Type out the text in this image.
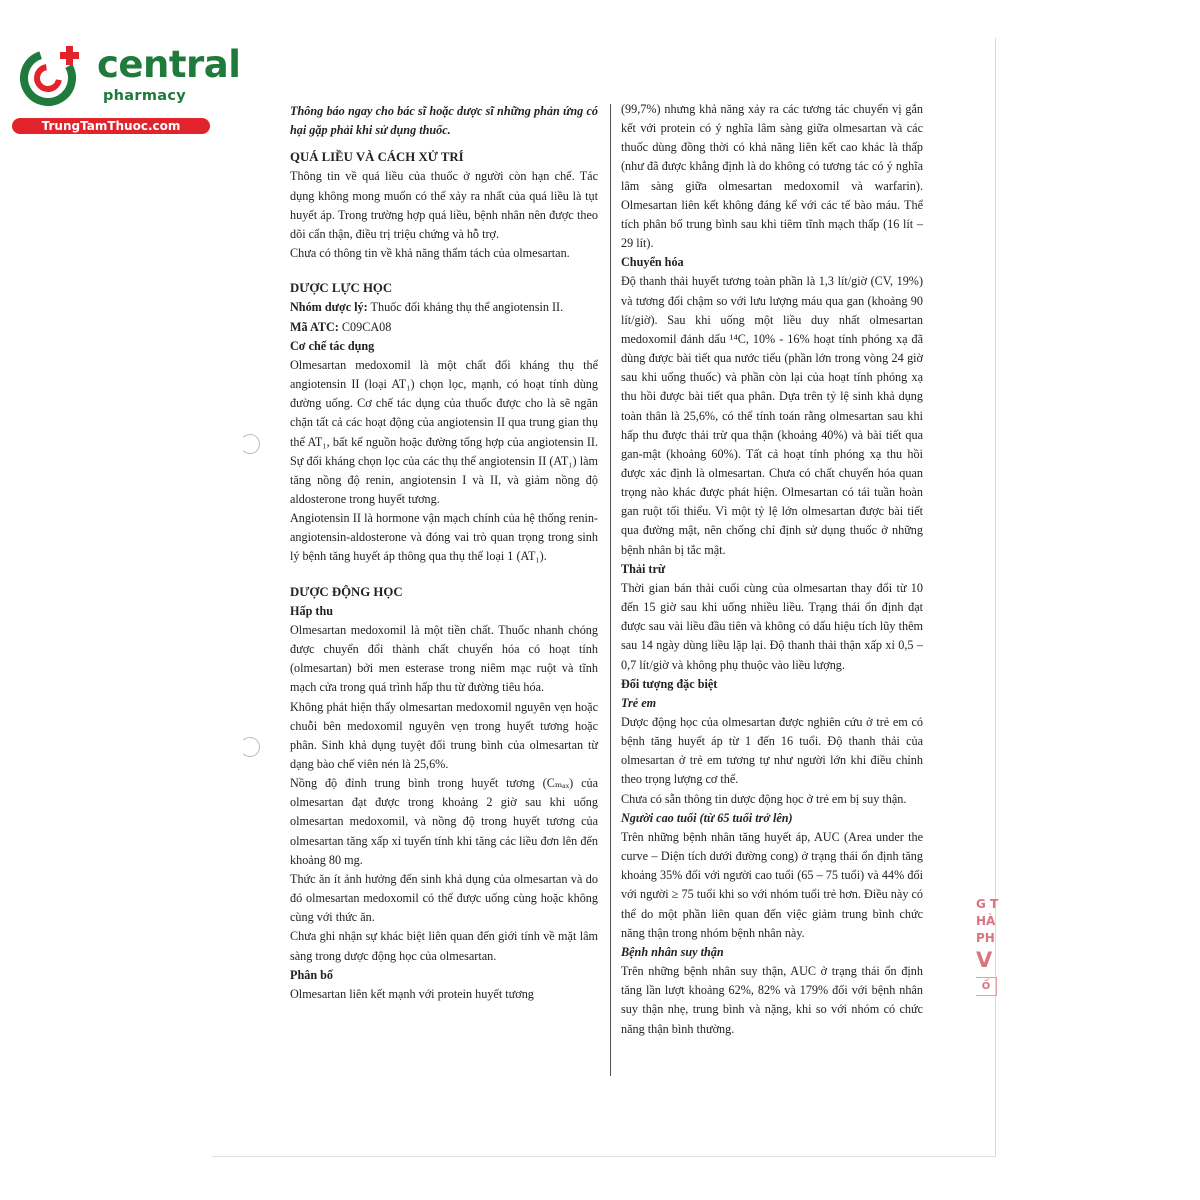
central
pharmacy
TrungTamThuoc.com

Thông báo ngay cho bác sĩ hoặc dược sĩ những phản ứng có hại gặp phải khi sử dụng thuốc.

QUÁ LIỀU VÀ CÁCH XỬ TRÍ

Thông tin về quá liều của thuốc ở người còn hạn chế. Tác dụng không mong muốn có thể xảy ra nhất của quá liều là tụt huyết áp. Trong trường hợp quá liều, bệnh nhân nên được theo dõi cẩn thận, điều trị triệu chứng và hỗ trợ.

Chưa có thông tin về khả năng thẩm tách của olmesartan.

DƯỢC LỰC HỌC

Nhóm dược lý: Thuốc đối kháng thụ thể angiotensin II.

Mã ATC: C09CA08

Cơ chế tác dụng

Olmesartan medoxomil là một chất đối kháng thụ thể angiotensin II (loại AT₁) chọn lọc, mạnh, có hoạt tính dùng đường uống. Cơ chế tác dụng của thuốc được cho là sẽ ngăn chặn tất cả các hoạt động của angiotensin II qua trung gian thụ thể AT₁, bất kể nguồn hoặc đường tổng hợp của angiotensin II. Sự đối kháng chọn lọc của các thụ thể angiotensin II (AT₁) làm tăng nồng độ renin, angiotensin I và II, và giảm nồng độ aldosterone trong huyết tương.

Angiotensin II là hormone vận mạch chính của hệ thống renin-angiotensin-aldosterone và đóng vai trò quan trọng trong sinh lý bệnh tăng huyết áp thông qua thụ thể loại 1 (AT₁).

DƯỢC ĐỘNG HỌC

Hấp thu

Olmesartan medoxomil là một tiền chất. Thuốc nhanh chóng được chuyển đổi thành chất chuyển hóa có hoạt tính (olmesartan) bởi men esterase trong niêm mạc ruột và tĩnh mạch cửa trong quá trình hấp thu từ đường tiêu hóa.

Không phát hiện thấy olmesartan medoxomil nguyên vẹn hoặc chuỗi bên medoxomil nguyên vẹn trong huyết tương hoặc phân. Sinh khả dụng tuyệt đối trung bình của olmesartan từ dạng bào chế viên nén là 25,6%.

Nồng độ đỉnh trung bình trong huyết tương (Cₘₐₓ) của olmesartan đạt được trong khoảng 2 giờ sau khi uống olmesartan medoxomil, và nồng độ trong huyết tương của olmesartan tăng xấp xỉ tuyến tính khi tăng các liều đơn lên đến khoảng 80 mg.

Thức ăn ít ảnh hưởng đến sinh khả dụng của olmesartan và do đó olmesartan medoxomil có thể được uống cùng hoặc không cùng với thức ăn.

Chưa ghi nhận sự khác biệt liên quan đến giới tính về mặt lâm sàng trong dược động học của olmesartan.

Phân bố

Olmesartan liên kết mạnh với protein huyết tương

(99,7%) nhưng khả năng xảy ra các tương tác chuyển vị gắn kết với protein có ý nghĩa lâm sàng giữa olmesartan và các thuốc dùng đồng thời có khả năng liên kết cao khác là thấp (như đã được khẳng định là do không có tương tác có ý nghĩa lâm sàng giữa olmesartan medoxomil và warfarin). Olmesartan liên kết không đáng kể với các tế bào máu. Thể tích phân bố trung bình sau khi tiêm tĩnh mạch thấp (16 lít – 29 lít).

Chuyển hóa

Độ thanh thải huyết tương toàn phần là 1,3 lít/giờ (CV, 19%) và tương đối chậm so với lưu lượng máu qua gan (khoảng 90 lít/giờ). Sau khi uống một liều duy nhất olmesartan medoxomil đánh dấu ¹⁴C, 10% - 16% hoạt tính phóng xạ đã dùng được bài tiết qua nước tiểu (phần lớn trong vòng 24 giờ sau khi uống thuốc) và phần còn lại của hoạt tính phóng xạ thu hồi được bài tiết qua phân. Dựa trên tỷ lệ sinh khả dụng toàn thân là 25,6%, có thể tính toán rằng olmesartan sau khi hấp thu được thải trừ qua thận (khoảng 40%) và bài tiết qua gan-mật (khoảng 60%). Tất cả hoạt tính phóng xạ thu hồi được xác định là olmesartan. Chưa có chất chuyển hóa quan trọng nào khác được phát hiện. Olmesartan có tái tuần hoàn gan ruột tối thiểu. Vì một tỷ lệ lớn olmesartan được bài tiết qua đường mật, nên chống chỉ định sử dụng thuốc ở những bệnh nhân bị tắc mật.

Thải trừ

Thời gian bán thải cuối cùng của olmesartan thay đổi từ 10 đến 15 giờ sau khi uống nhiều liều. Trạng thái ổn định đạt được sau vài liều đầu tiên và không có dấu hiệu tích lũy thêm sau 14 ngày dùng liều lặp lại. Độ thanh thải thận xấp xỉ 0,5 – 0,7 lít/giờ và không phụ thuộc vào liều lượng.

Đối tượng đặc biệt

Trẻ em

Dược động học của olmesartan được nghiên cứu ở trẻ em có bệnh tăng huyết áp từ 1 đến 16 tuổi. Độ thanh thải của olmesartan ở trẻ em tương tự như người lớn khi điều chỉnh theo trọng lượng cơ thể.

Chưa có sẵn thông tin dược động học ở trẻ em bị suy thận.

Người cao tuổi (từ 65 tuổi trở lên)

Trên những bệnh nhân tăng huyết áp, AUC (Area under the curve – Diện tích dưới đường cong) ở trạng thái ổn định tăng khoảng 35% đối với người cao tuổi (65 – 75 tuổi) và 44% đối với người ≥ 75 tuổi khi so với nhóm tuổi trẻ hơn. Điều này có thể do một phần liên quan đến việc giảm trung bình chức năng thận trong nhóm bệnh nhân này.

Bệnh nhân suy thận

Trên những bệnh nhân suy thận, AUC ở trạng thái ổn định tăng lần lượt khoảng 62%, 82% và 179% đối với bệnh nhân suy thận nhẹ, trung bình và nặng, khi so với nhóm có chức năng thận bình thường.

G T
HÀ
PH
V
Ố
